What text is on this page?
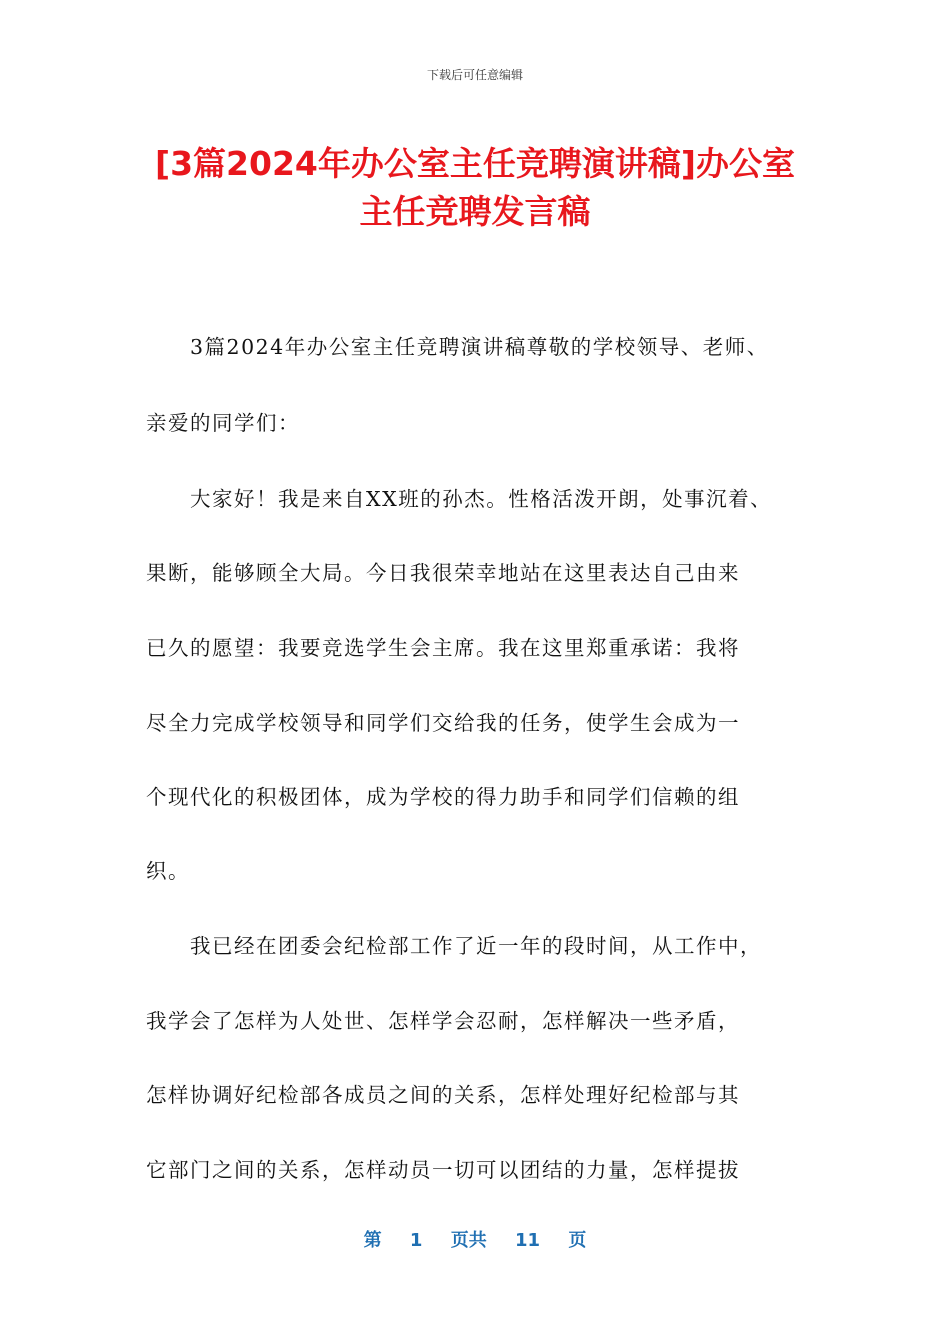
下载后可任意编辑
[3篇2024年办公室主任竞聘演讲稿]办公室
主任竞聘发言稿
3篇2024年办公室主任竞聘演讲稿尊敬的学校领导、老师、
亲爱的同学们：
大家好！我是来自XX班的孙杰。性格活泼开朗，处事沉着、
果断，能够顾全大局。今日我很荣幸地站在这里表达自己由来
已久的愿望：我要竞选学生会主席。我在这里郑重承诺：我将
尽全力完成学校领导和同学们交给我的任务，使学生会成为一
个现代化的积极团体，成为学校的得力助手和同学们信赖的组
织。
我已经在团委会纪检部工作了近一年的段时间，从工作中，
我学会了怎样为人处世、怎样学会忍耐，怎样解决一些矛盾，
怎样协调好纪检部各成员之间的关系，怎样处理好纪检部与其
它部门之间的关系，怎样动员一切可以团结的力量，怎样提拔
第 1 页共 11 页
